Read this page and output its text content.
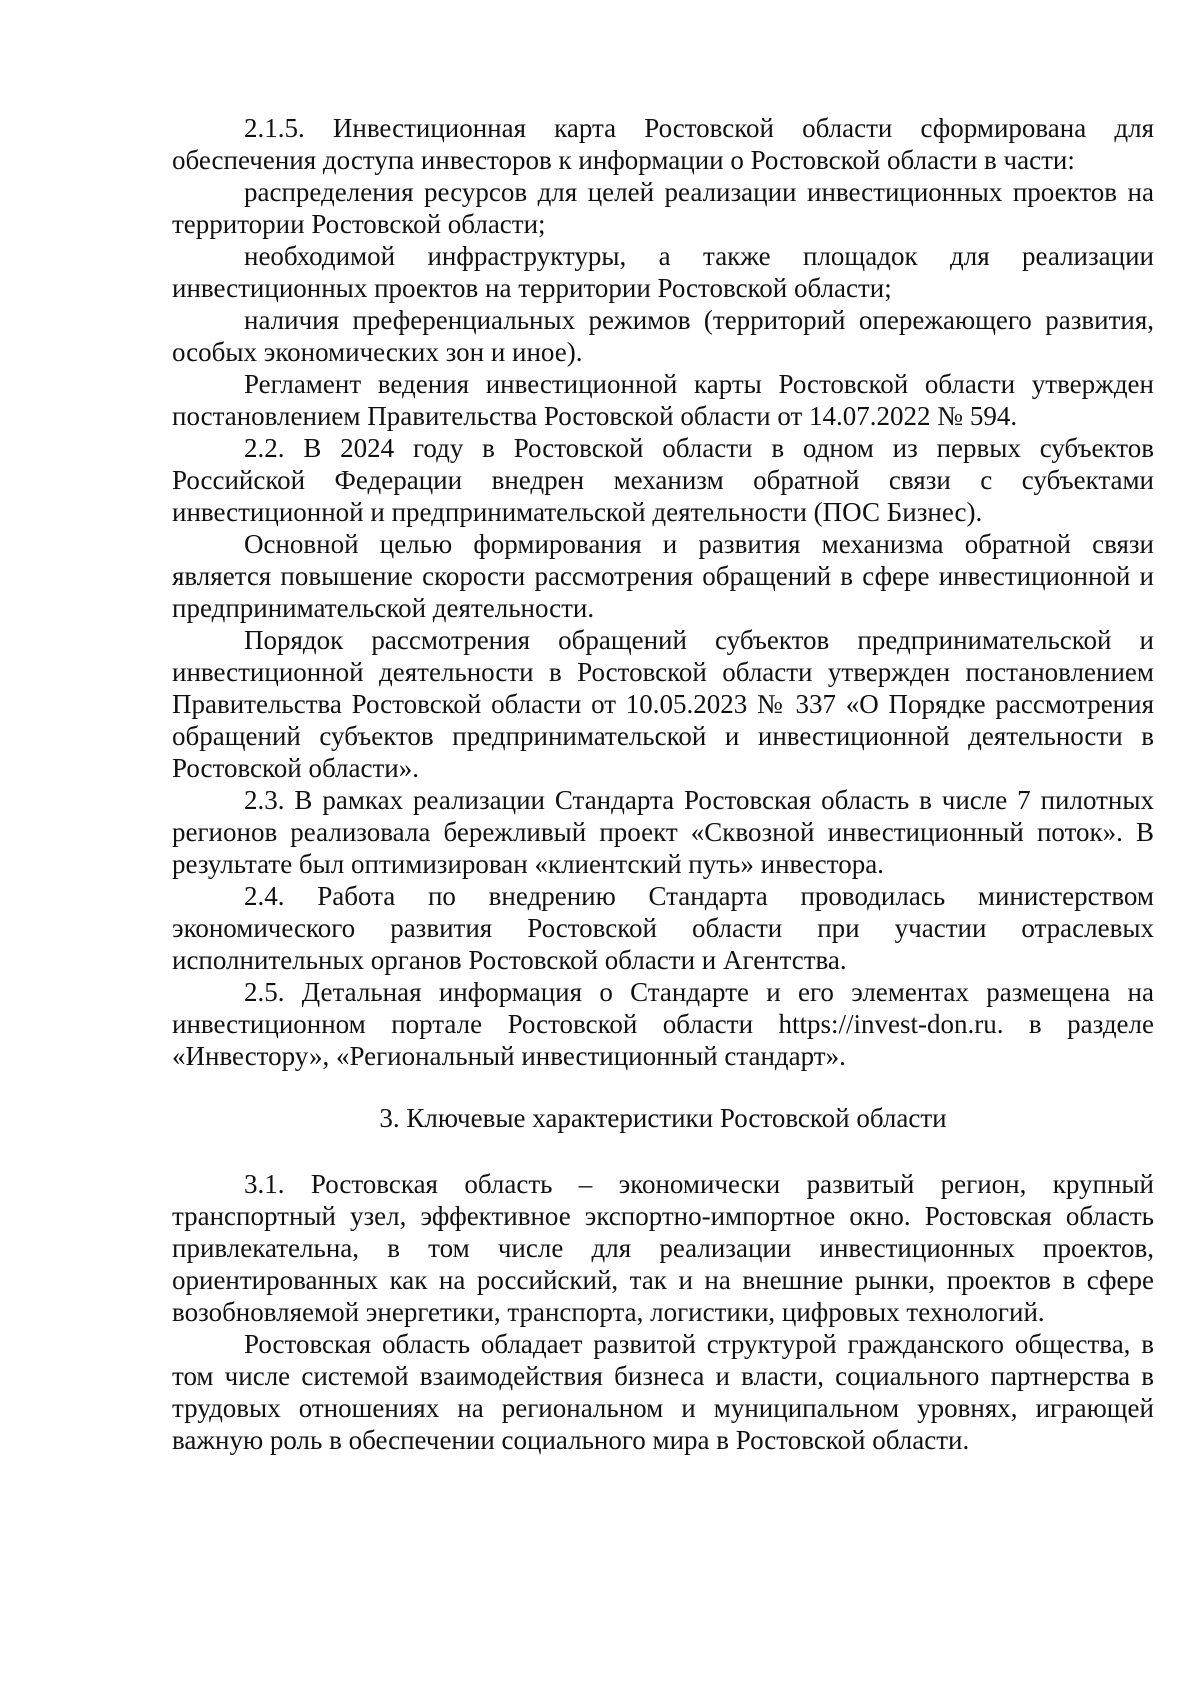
2.1.5. Инвестиционная карта Ростовской области сформирована для обеспечения доступа инвесторов к информации о Ростовской области в части:

распределения ресурсов для целей реализации инвестиционных проектов на территории Ростовской области;

необходимой инфраструктуры, а также площадок для реализации инвестиционных проектов на территории Ростовской области;

наличия преференциальных режимов (территорий опережающего развития, особых экономических зон и иное).

Регламент ведения инвестиционной карты Ростовской области утвержден постановлением Правительства Ростовской области от 14.07.2022 № 594.

2.2. В 2024 году в Ростовской области в одном из первых субъектов Российской Федерации внедрен механизм обратной связи с субъектами инвестиционной и предпринимательской деятельности (ПОС Бизнес).

Основной целью формирования и развития механизма обратной связи является повышение скорости рассмотрения обращений в сфере инвестиционной и предпринимательской деятельности.

Порядок рассмотрения обращений субъектов предпринимательской и инвестиционной деятельности в Ростовской области утвержден постановлением Правительства Ростовской области от 10.05.2023 № 337 «О Порядке рассмотрения обращений субъектов предпринимательской и инвестиционной деятельности в Ростовской области».

2.3. В рамках реализации Стандарта Ростовская область в числе 7 пилотных регионов реализовала бережливый проект «Сквозной инвестиционный поток». В результате был оптимизирован «клиентский путь» инвестора.

2.4. Работа по внедрению Стандарта проводилась министерством экономического развития Ростовской области при участии отраслевых исполнительных органов Ростовской области и Агентства.

2.5. Детальная информация о Стандарте и его элементах размещена на инвестиционном портале Ростовской области https://invest-don.ru. в разделе «Инвестору», «Региональный инвестиционный стандарт».

3. Ключевые характеристики Ростовской области

3.1. Ростовская область – экономически развитый регион, крупный транспортный узел, эффективное экспортно-импортное окно. Ростовская область привлекательна, в том числе для реализации инвестиционных проектов, ориентированных как на российский, так и на внешние рынки, проектов в сфере возобновляемой энергетики, транспорта, логистики, цифровых технологий.

Ростовская область обладает развитой структурой гражданского общества, в том числе системой взаимодействия бизнеса и власти, социального партнерства в трудовых отношениях на региональном и муниципальном уровнях, играющей важную роль в обеспечении социального мира в Ростовской области.
